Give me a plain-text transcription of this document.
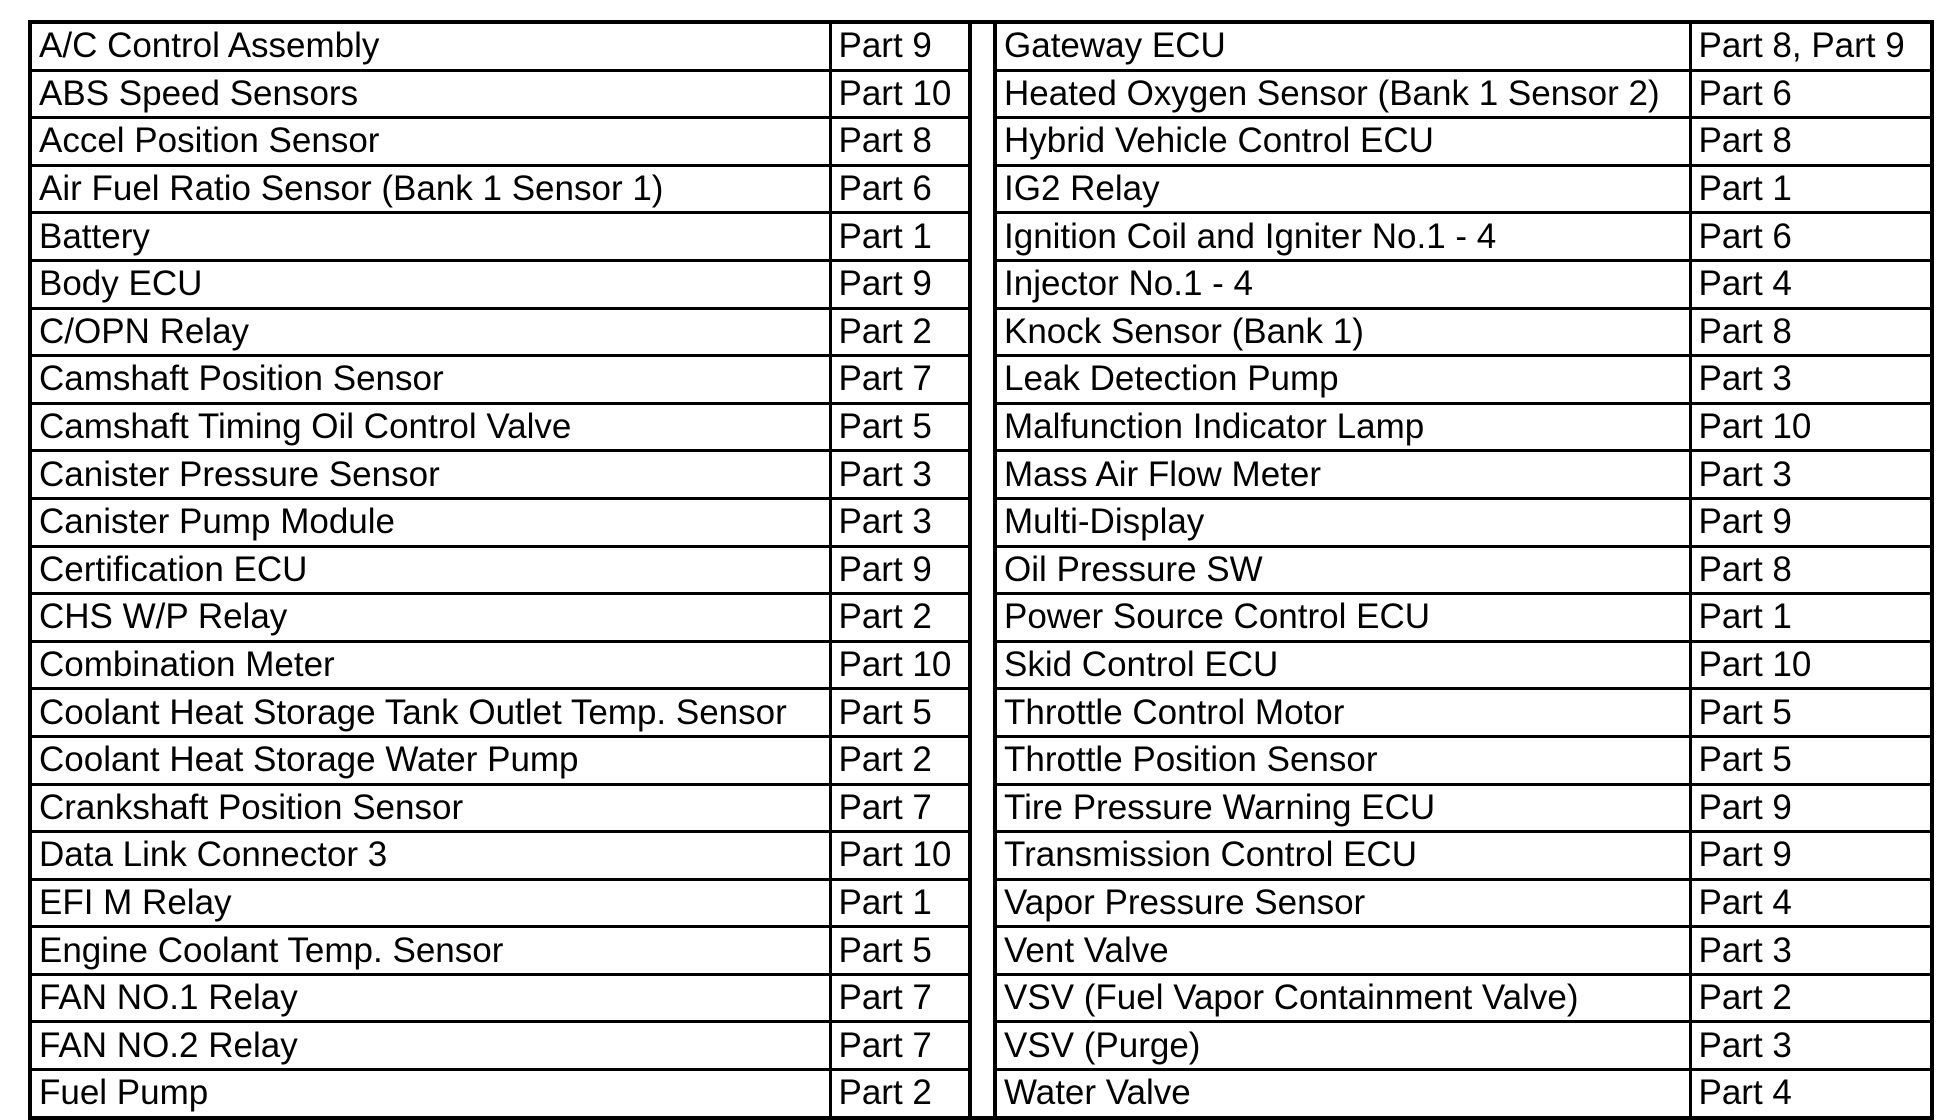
A/C Control Assembly	Part 9		Gateway ECU	Part 8, Part 9
ABS Speed Sensors	Part 10		Heated Oxygen Sensor (Bank 1 Sensor 2)	Part 6
Accel Position Sensor	Part 8		Hybrid Vehicle Control ECU	Part 8
Air Fuel Ratio Sensor (Bank 1 Sensor 1)	Part 6		IG2 Relay	Part 1
Battery	Part 1		Ignition Coil and Igniter No.1 - 4	Part 6
Body ECU	Part 9		Injector No.1 - 4	Part 4
C/OPN Relay	Part 2		Knock Sensor (Bank 1)	Part 8
Camshaft Position Sensor	Part 7		Leak Detection Pump	Part 3
Camshaft Timing Oil Control Valve	Part 5		Malfunction Indicator Lamp	Part 10
Canister Pressure Sensor	Part 3		Mass Air Flow Meter	Part 3
Canister Pump Module	Part 3		Multi-Display	Part 9
Certification ECU	Part 9		Oil Pressure SW	Part 8
CHS W/P Relay	Part 2		Power Source Control ECU	Part 1
Combination Meter	Part 10		Skid Control ECU	Part 10
Coolant Heat Storage Tank Outlet Temp. Sensor	Part 5		Throttle Control Motor	Part 5
Coolant Heat Storage Water Pump	Part 2		Throttle Position Sensor	Part 5
Crankshaft Position Sensor	Part 7		Tire Pressure Warning ECU	Part 9
Data Link Connector 3	Part 10		Transmission Control ECU	Part 9
EFI M Relay	Part 1		Vapor Pressure Sensor	Part 4
Engine Coolant Temp. Sensor	Part 5		Vent Valve	Part 3
FAN NO.1 Relay	Part 7		VSV (Fuel Vapor Containment Valve)	Part 2
FAN NO.2 Relay	Part 7		VSV (Purge)	Part 3
Fuel Pump	Part 2		Water Valve	Part 4
